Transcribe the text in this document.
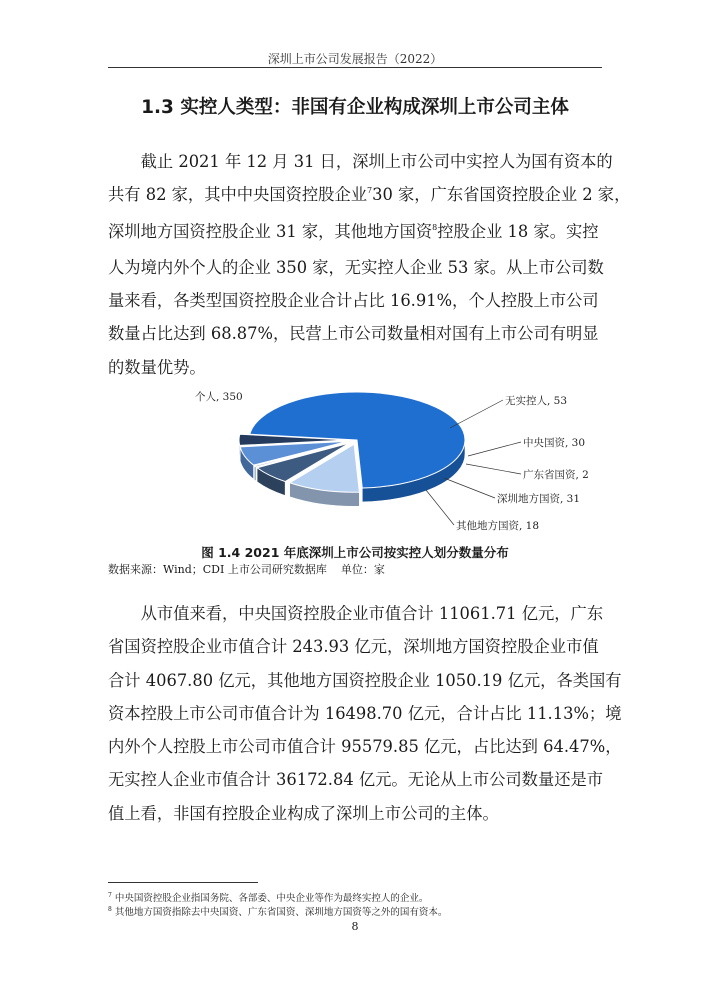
深圳上市公司发展报告（2022）
1.3 实控人类型：非国有企业构成深圳上市公司主体
截止 2021 年 12 月 31 日，深圳上市公司中实控人为国有资本的
共有 82 家，其中中央国资控股企业$^7$30 家，广东省国资控股企业 2 家，
深圳地方国资控股企业 31 家，其他地方国资$^8$控股企业 18 家。实控
人为境内外个人的企业 350 家，无实控人企业 53 家。从上市公司数
量来看，各类型国资控股企业合计占比 16.91%，个人控股上市公司
数量占比达到 68.87%，民营上市公司数量相对国有上市公司有明显
的数量优势。
个人, 350	无实控人, 53
中央国资, 30
广东省国资, 2
深圳地方国资, 31
其他地方国资, 18
图 1.4 2021 年底深圳上市公司按实控人划分数量分布
数据来源：Wind；CDI 上市公司研究数据库 单位：家
从市值来看，中央国资控股企业市值合计 11061.71 亿元，广东
省国资控股企业市值合计 243.93 亿元，深圳地方国资控股企业市值
合计 4067.80 亿元，其他地方国资控股企业 1050.19 亿元，各类国有
资本控股上市公司市值合计为 16498.70 亿元，合计占比 11.13%；境
内外个人控股上市公司市值合计 95579.85 亿元，占比达到 64.47%，
无实控人企业市值合计 36172.84 亿元。无论从上市公司数量还是市
值上看，非国有控股企业构成了深圳上市公司的主体。
$^7$ 中央国资控股企业指国务院、各部委、中央企业等作为最终实控人的企业。
$^8$ 其他地方国资指除去中央国资、广东省国资、深圳地方国资等之外的国有资本。
8
